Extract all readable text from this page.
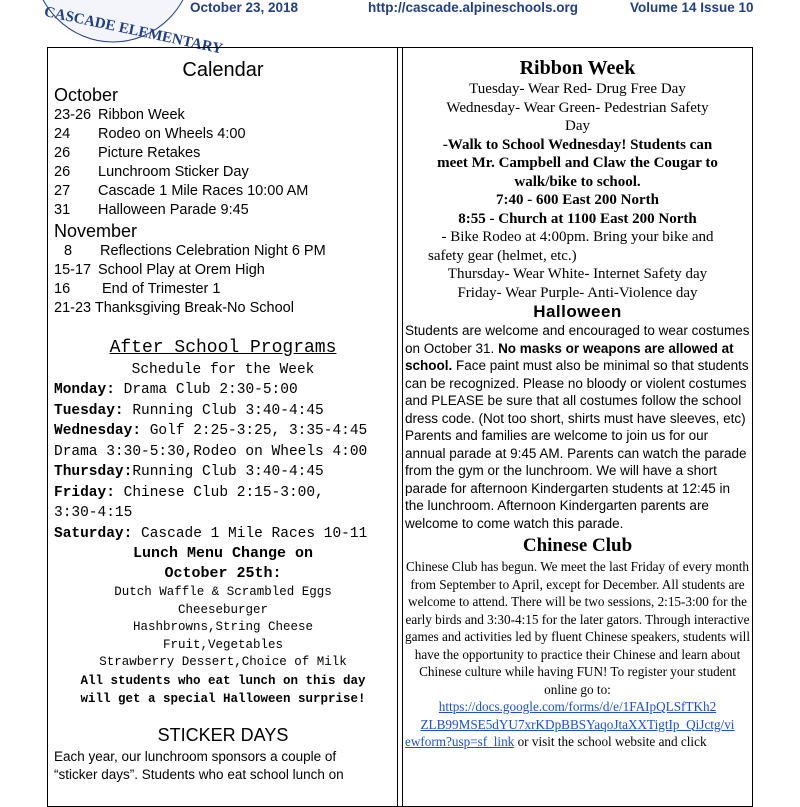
CASCADE ELEMENTARY
October 23, 2018	http://cascade.alpineschools.org	Volume 14 Issue 10
Calendar
October
23-26 Ribbon Week
24 Rodeo on Wheels 4:00
26 Picture Retakes
26 Lunchroom Sticker Day
27 Cascade 1 Mile Races 10:00 AM
31 Halloween Parade 9:45
November
8 Reflections Celebration Night 6 PM
15-17 School Play at Orem High
16 End of Trimester 1
21-23 Thanksgiving Break-No School
After School Programs
Schedule for the Week
Monday: Drama Club 2:30-5:00
Tuesday: Running Club 3:40-4:45
Wednesday: Golf 2:25-3:25, 3:35-4:45
Drama 3:30-5:30,Rodeo on Wheels 4:00
Thursday:Running Club 3:40-4:45
Friday: Chinese Club 2:15-3:00,
3:30-4:15
Saturday: Cascade 1 Mile Races 10-11
Lunch Menu Change on
October 25th:
Dutch Waffle & Scrambled Eggs
Cheeseburger
Hashbrowns,String Cheese
Fruit,Vegetables
Strawberry Dessert,Choice of Milk
All students who eat lunch on this day
will get a special Halloween surprise!
STICKER DAYS
Each year, our lunchroom sponsors a couple of
“sticker days”. Students who eat school lunch on
Ribbon Week
Tuesday- Wear Red- Drug Free Day
Wednesday- Wear Green- Pedestrian Safety
Day
-Walk to School Wednesday! Students can
meet Mr. Campbell and Claw the Cougar to
walk/bike to school.
7:40 - 600 East 200 North
8:55 - Church at 1100 East 200 North
- Bike Rodeo at 4:00pm. Bring your bike and
safety gear (helmet, etc.)
Thursday- Wear White- Internet Safety day
Friday- Wear Purple- Anti-Violence day
Halloween
Students are welcome and encouraged to wear costumes on October 31. No masks or weapons are allowed at school. Face paint must also be minimal so that students can be recognized. Please no bloody or violent costumes and PLEASE be sure that all costumes follow the school dress code. (Not too short, shirts must have sleeves, etc) Parents and families are welcome to join us for our annual parade at 9:45 AM. Parents can watch the parade from the gym or the lunchroom. We will have a short parade for afternoon Kindergarten students at 12:45 in the lunchroom. Afternoon Kindergarten parents are welcome to come watch this parade.
Chinese Club
Chinese Club has begun. We meet the last Friday of every month from September to April, except for December. All students are welcome to attend. There will be two sessions, 2:15-3:00 for the early birds and 3:30-4:15 for the later gators. Through interactive games and activities led by fluent Chinese speakers, students will have the opportunity to practice their Chinese and learn about Chinese culture while having FUN! To register your student online go to:
https://docs.google.com/forms/d/e/1FAIpQLSfTKh2
ZLB99MSE5dYU7xrKDpBBSYaqoJtaXXTigtIp_QiJctg/vi
ewform?usp=sf_link or visit the school website and click
